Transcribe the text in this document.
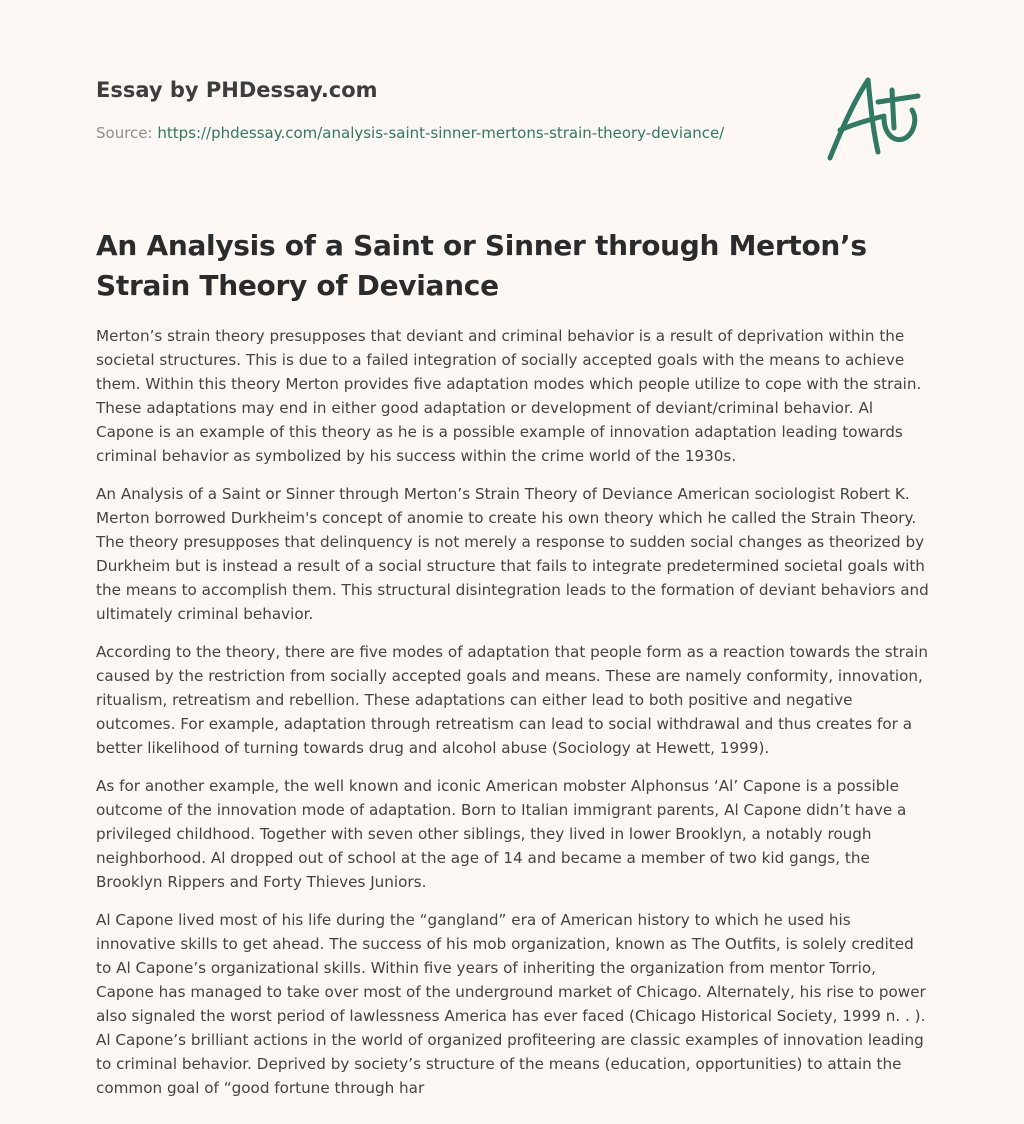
Essay by PHDessay.com
Source: https://phdessay.com/analysis-saint-sinner-mertons-strain-theory-deviance/
An Analysis of a Saint or Sinner through Merton’s Strain Theory of Deviance

Merton’s strain theory presupposes that deviant and criminal behavior is a result of deprivation within the societal structures. This is due to a failed integration of socially accepted goals with the means to achieve them. Within this theory Merton provides five adaptation modes which people utilize to cope with the strain. These adaptations may end in either good adaptation or development of deviant/criminal behavior. Al Capone is an example of this theory as he is a possible example of innovation adaptation leading towards criminal behavior as symbolized by his success within the crime world of the 1930s.

An Analysis of a Saint or Sinner through Merton’s Strain Theory of Deviance American sociologist Robert K. Merton borrowed Durkheim's concept of anomie to create his own theory which he called the Strain Theory. The theory presupposes that delinquency is not merely a response to sudden social changes as theorized by Durkheim but is instead a result of a social structure that fails to integrate predetermined societal goals with the means to accomplish them. This structural disintegration leads to the formation of deviant behaviors and ultimately criminal behavior.

According to the theory, there are five modes of adaptation that people form as a reaction towards the strain caused by the restriction from socially accepted goals and means. These are namely conformity, innovation, ritualism, retreatism and rebellion. These adaptations can either lead to both positive and negative outcomes. For example, adaptation through retreatism can lead to social withdrawal and thus creates for a better likelihood of turning towards drug and alcohol abuse (Sociology at Hewett, 1999).

As for another example, the well known and iconic American mobster Alphonsus ‘Al’ Capone is a possible outcome of the innovation mode of adaptation. Born to Italian immigrant parents, Al Capone didn’t have a privileged childhood. Together with seven other siblings, they lived in lower Brooklyn, a notably rough neighborhood. Al dropped out of school at the age of 14 and became a member of two kid gangs, the Brooklyn Rippers and Forty Thieves Juniors.

Al Capone lived most of his life during the “gangland” era of American history to which he used his innovative skills to get ahead. The success of his mob organization, known as The Outfits, is solely credited to Al Capone’s organizational skills. Within five years of inheriting the organization from mentor Torrio, Capone has managed to take over most of the underground market of Chicago. Alternately, his rise to power also signaled the worst period of lawlessness America has ever faced (Chicago Historical Society, 1999 n. . ). Al Capone’s brilliant actions in the world of organized profiteering are classic examples of innovation leading to criminal behavior. Deprived by society’s structure of the means (education, opportunities) to attain the common goal of “good fortune through har
